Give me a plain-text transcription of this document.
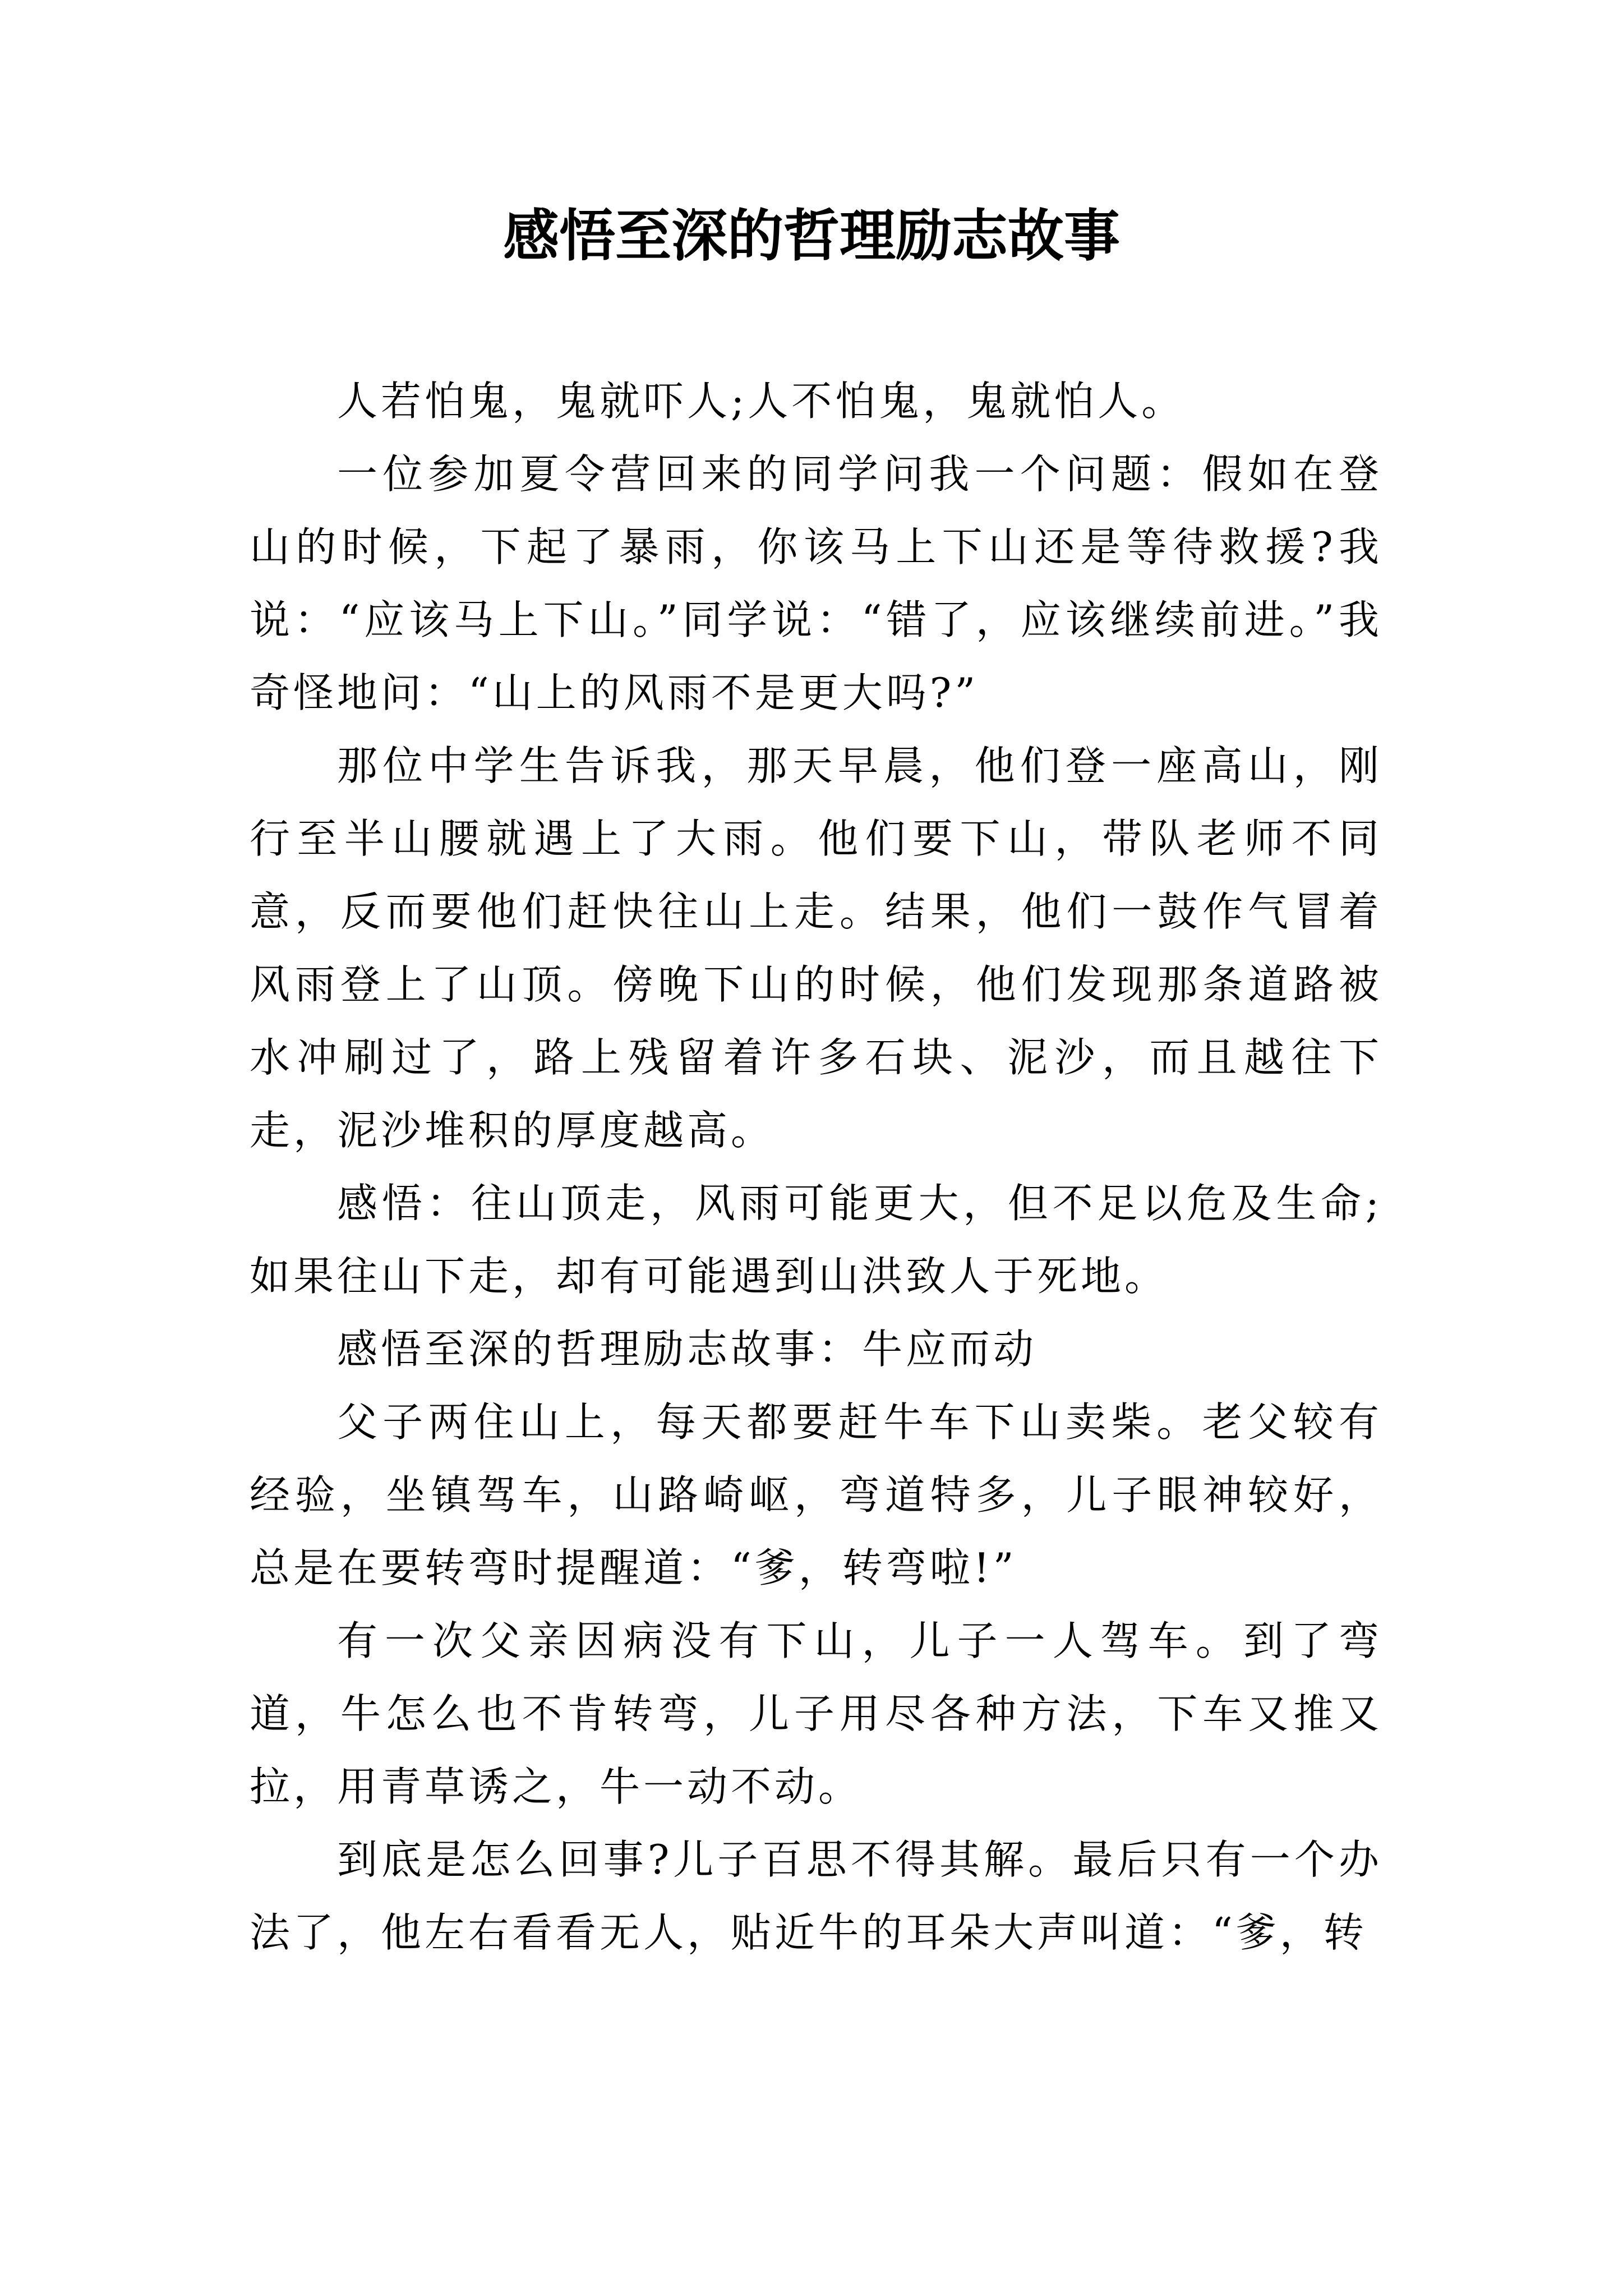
感悟至深的哲理励志故事

人若怕鬼，鬼就吓人;人不怕鬼，鬼就怕人。

一位参加夏令营回来的同学问我一个问题：假如在登山的时候，下起了暴雨，你该马上下山还是等待救援?我说：“应该马上下山。”同学说：“错了，应该继续前进。”我奇怪地问：“山上的风雨不是更大吗?”

那位中学生告诉我，那天早晨，他们登一座高山，刚行至半山腰就遇上了大雨。他们要下山，带队老师不同意，反而要他们赶快往山上走。结果，他们一鼓作气冒着风雨登上了山顶。傍晚下山的时候，他们发现那条道路被水冲刷过了，路上残留着许多石块、泥沙，而且越往下走，泥沙堆积的厚度越高。

感悟：往山顶走，风雨可能更大，但不足以危及生命;如果往山下走，却有可能遇到山洪致人于死地。

感悟至深的哲理励志故事：牛应而动

父子两住山上，每天都要赶牛车下山卖柴。老父较有经验，坐镇驾车，山路崎岖，弯道特多，儿子眼神较好，总是在要转弯时提醒道：“爹，转弯啦!”

有一次父亲因病没有下山，儿子一人驾车。到了弯道，牛怎么也不肯转弯，儿子用尽各种方法，下车又推又拉，用青草诱之，牛一动不动。

到底是怎么回事?儿子百思不得其解。最后只有一个办法了，他左右看看无人，贴近牛的耳朵大声叫道：“爹，转
